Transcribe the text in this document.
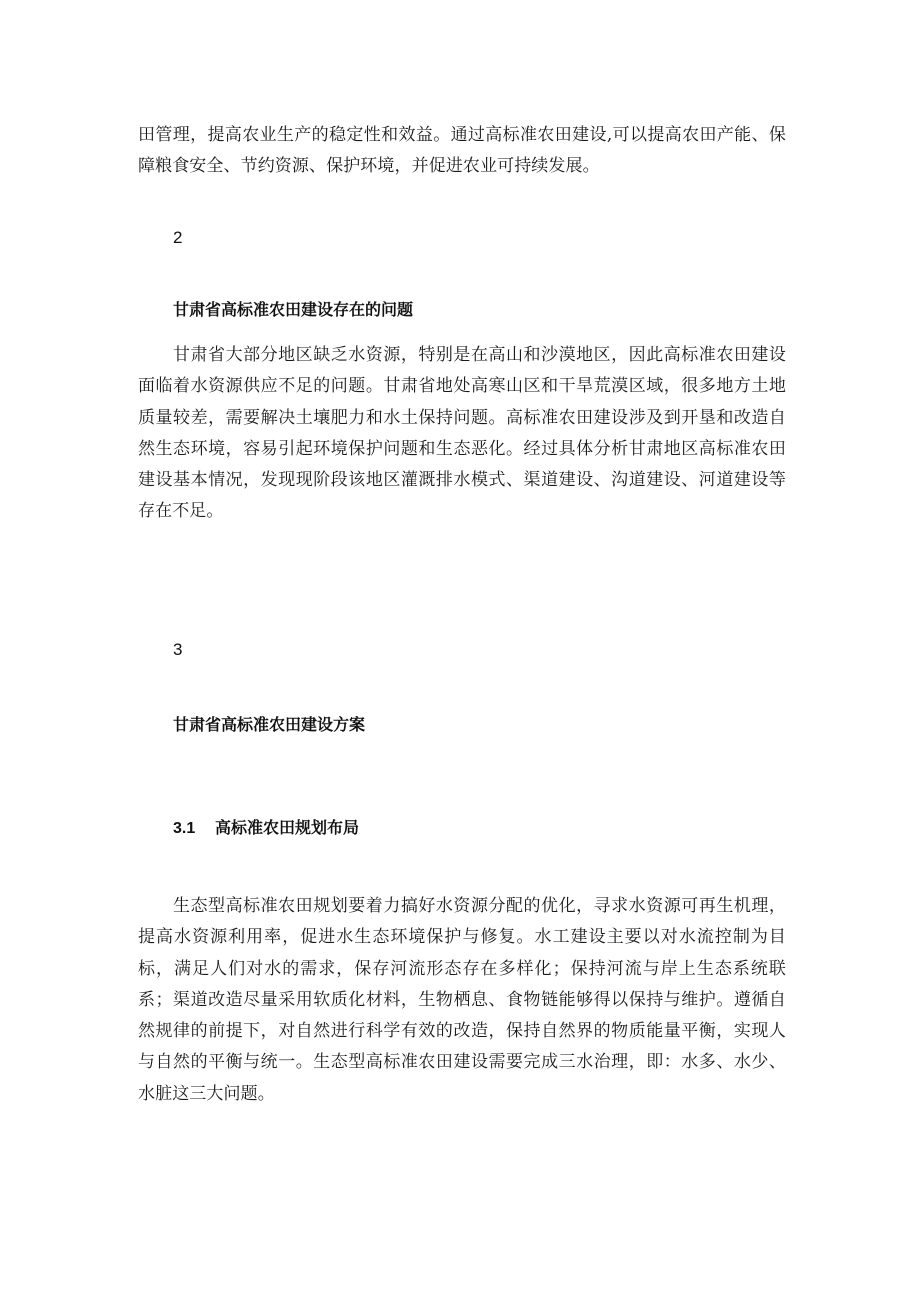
田管理，提高农业生产的稳定性和效益。通过高标准农田建设,可以提高农田产能、保障粮食安全、节约资源、保护环境，并促进农业可持续发展。

2

甘肃省高标准农田建设存在的问题

甘肃省大部分地区缺乏水资源，特别是在高山和沙漠地区，因此高标准农田建设面临着水资源供应不足的问题。甘肃省地处高寒山区和干旱荒漠区域，很多地方土地质量较差，需要解决土壤肥力和水土保持问题。高标准农田建设涉及到开垦和改造自然生态环境，容易引起环境保护问题和生态恶化。经过具体分析甘肃地区高标准农田建设基本情况，发现现阶段该地区灌溉排水模式、渠道建设、沟道建设、河道建设等存在不足。

3

甘肃省高标准农田建设方案

3.1 高标准农田规划布局

生态型高标准农田规划要着力搞好水资源分配的优化，寻求水资源可再生机理，提高水资源利用率，促进水生态环境保护与修复。水工建设主要以对水流控制为目标，满足人们对水的需求，保存河流形态存在多样化；保持河流与岸上生态系统联系；渠道改造尽量采用软质化材料，生物栖息、食物链能够得以保持与维护。遵循自然规律的前提下，对自然进行科学有效的改造，保持自然界的物质能量平衡，实现人与自然的平衡与统一。生态型高标准农田建设需要完成三水治理，即：水多、水少、水脏这三大问题。
